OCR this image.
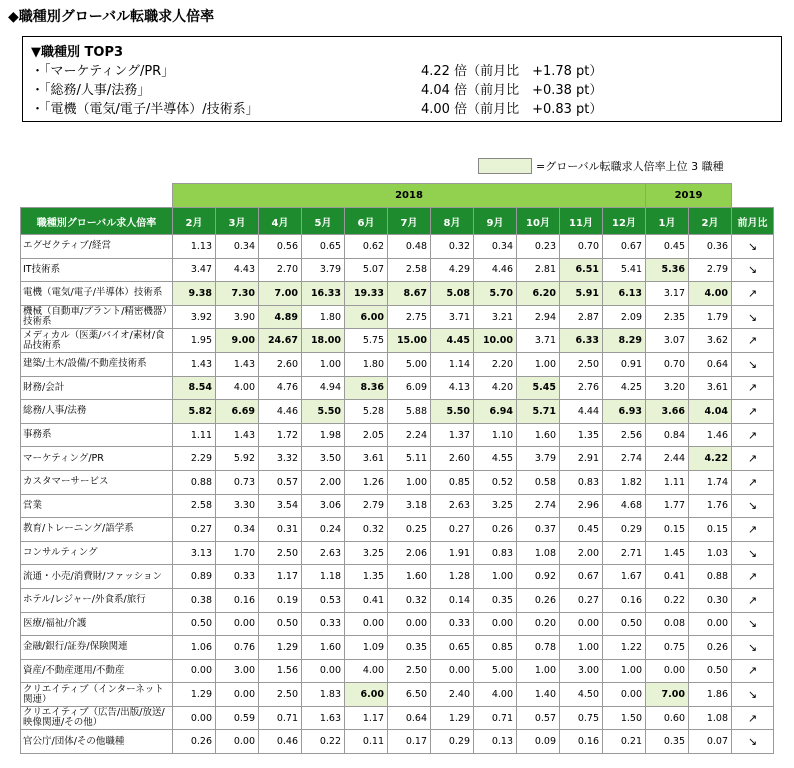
◆職種別グローバル転職求人倍率
▼職種別 TOP3
・「マーケティング/PR」	4.22 倍（前月比　+1.78 pt）
・「総務/人事/法務」	4.04 倍（前月比　+0.38 pt）
・「電機（電気/電子/半導体）/技術系」	4.00 倍（前月比　+0.83 pt）
=グローバル転職求人倍率上位 3 職種
	2018											2019		
職種別グローバル求人倍率	2月	3月	4月	5月	6月	7月	8月	9月	10月	11月	12月	1月	2月	前月比
エグゼクティブ/経営	1.13	0.34	0.56	0.65	0.62	0.48	0.32	0.34	0.23	0.70	0.67	0.45	0.36	↘
IT技術系	3.47	4.43	2.70	3.79	5.07	2.58	4.29	4.46	2.81	6.51	5.41	5.36	2.79	↘
電機（電気/電子/半導体）技術系	9.38	7.30	7.00	16.33	19.33	8.67	5.08	5.70	6.20	5.91	6.13	3.17	4.00	↗
機械（自動車/プラント/精密機器）技術系	3.92	3.90	4.89	1.80	6.00	2.75	3.71	3.21	2.94	2.87	2.09	2.35	1.79	↘
メディカル（医薬/バイオ/素材/食品技術系	1.95	9.00	24.67	18.00	5.75	15.00	4.45	10.00	3.71	6.33	8.29	3.07	3.62	↗
建築/土木/設備/不動産技術系	1.43	1.43	2.60	1.00	1.80	5.00	1.14	2.20	1.00	2.50	0.91	0.70	0.64	↘
財務/会計	8.54	4.00	4.76	4.94	8.36	6.09	4.13	4.20	5.45	2.76	4.25	3.20	3.61	↗
総務/人事/法務	5.82	6.69	4.46	5.50	5.28	5.88	5.50	6.94	5.71	4.44	6.93	3.66	4.04	↗
事務系	1.11	1.43	1.72	1.98	2.05	2.24	1.37	1.10	1.60	1.35	2.56	0.84	1.46	↗
マーケティング/PR	2.29	5.92	3.32	3.50	3.61	5.11	2.60	4.55	3.79	2.91	2.74	2.44	4.22	↗
カスタマーサービス	0.88	0.73	0.57	2.00	1.26	1.00	0.85	0.52	0.58	0.83	1.82	1.11	1.74	↗
営業	2.58	3.30	3.54	3.06	2.79	3.18	2.63	3.25	2.74	2.96	4.68	1.77	1.76	↘
教育/トレーニング/語学系	0.27	0.34	0.31	0.24	0.32	0.25	0.27	0.26	0.37	0.45	0.29	0.15	0.15	↗
コンサルティング	3.13	1.70	2.50	2.63	3.25	2.06	1.91	0.83	1.08	2.00	2.71	1.45	1.03	↘
流通・小売/消費財/ファッション	0.89	0.33	1.17	1.18	1.35	1.60	1.28	1.00	0.92	0.67	1.67	0.41	0.88	↗
ホテル/レジャー/外食系/旅行	0.38	0.16	0.19	0.53	0.41	0.32	0.14	0.35	0.26	0.27	0.16	0.22	0.30	↗
医療/福祉/介護	0.50	0.00	0.50	0.33	0.00	0.00	0.33	0.00	0.20	0.00	0.50	0.08	0.00	↘
金融/銀行/証券/保険関連	1.06	0.76	1.29	1.60	1.09	0.35	0.65	0.85	0.78	1.00	1.22	0.75	0.26	↘
資産/不動産運用/不動産	0.00	3.00	1.56	0.00	4.00	2.50	0.00	5.00	1.00	3.00	1.00	0.00	0.50	↗
クリエイティブ（インターネット関連）	1.29	0.00	2.50	1.83	6.00	6.50	2.40	4.00	1.40	4.50	0.00	7.00	1.86	↘
クリエイティブ（広告/出版/放送/映像関連/その他）	0.00	0.59	0.71	1.63	1.17	0.64	1.29	0.71	0.57	0.75	1.50	0.60	1.08	↗
官公庁/団体/その他職種	0.26	0.00	0.46	0.22	0.11	0.17	0.29	0.13	0.09	0.16	0.21	0.35	0.07	↘
